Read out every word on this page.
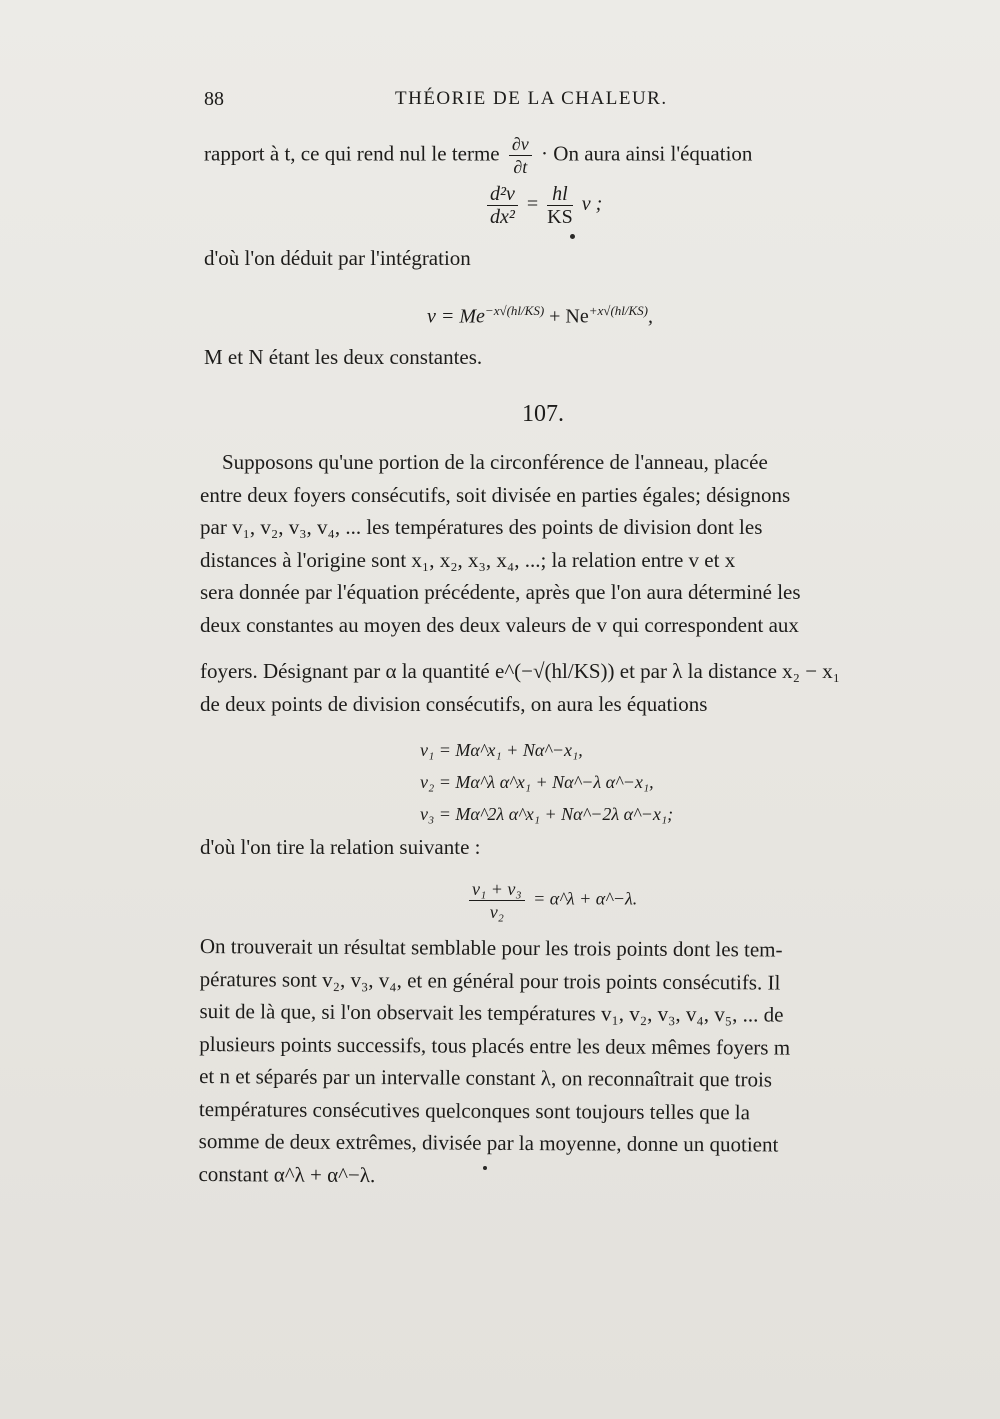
88	THÉORIE DE LA CHALEUR.
rapport à t, ce qui rend nul le terme $\frac{\partial v}{\partial t} \cdot On$ aura ainsi l'équation
$\frac{\text{d²v}}{\text{dx²}} = \frac{hl}{KS}$ v ;
d'où l'on déduit par l'intégration
$v = Me^{-x√(hl/KS)} + Ne^{+x√(hl/KS)}$,
M et N étant les deux constantes.
107.

Supposons qu'une portion de la circonférence de l'anneau, placée

entre deux foyers consécutifs, soit divisée en parties égales; désignons

par v₁, v₂, v₃, v₄, ... les températures des points de division dont les

distances à l'origine sont x₁, x₂, x₃, x₄, ...; la relation entre v et x

sera donnée par l'équation précédente, après que l'on aura déterminé les

deux constantes au moyen des deux valeurs de v qui correspondent aux

foyers. Désignant par α la quantité e^(−√(hl/KS)) et par λ la distance x₂ − x₁

de deux points de division consécutifs, on aura les équations

v₁ = Mα^x₁ + Nα^−x₁,
v₂ = Mα^λ α^x₁ + Nα^−λ α^−x₁,
v₃ = Mα^2λ α^x₁ + Nα^−2λ α^−x₁;
d'où l'on tire la relation suivante :
$\frac{\text{v₁ + v₃}}{\text{v₂}}$ = α^λ + α^−λ.

On trouverait un résultat semblable pour les trois points dont les tem-

pératures sont v₂, v₃, v₄, et en général pour trois points consécutifs. Il

suit de là que, si l'on observait les températures v₁, v₂, v₃, v₄, v₅, ... de

plusieurs points successifs, tous placés entre les deux mêmes foyers m

et n et séparés par un intervalle constant λ, on reconnaîtrait que trois

températures consécutives quelconques sont toujours telles que la

somme de deux extrêmes, divisée par la moyenne, donne un quotient

constant α^λ + α^−λ.
